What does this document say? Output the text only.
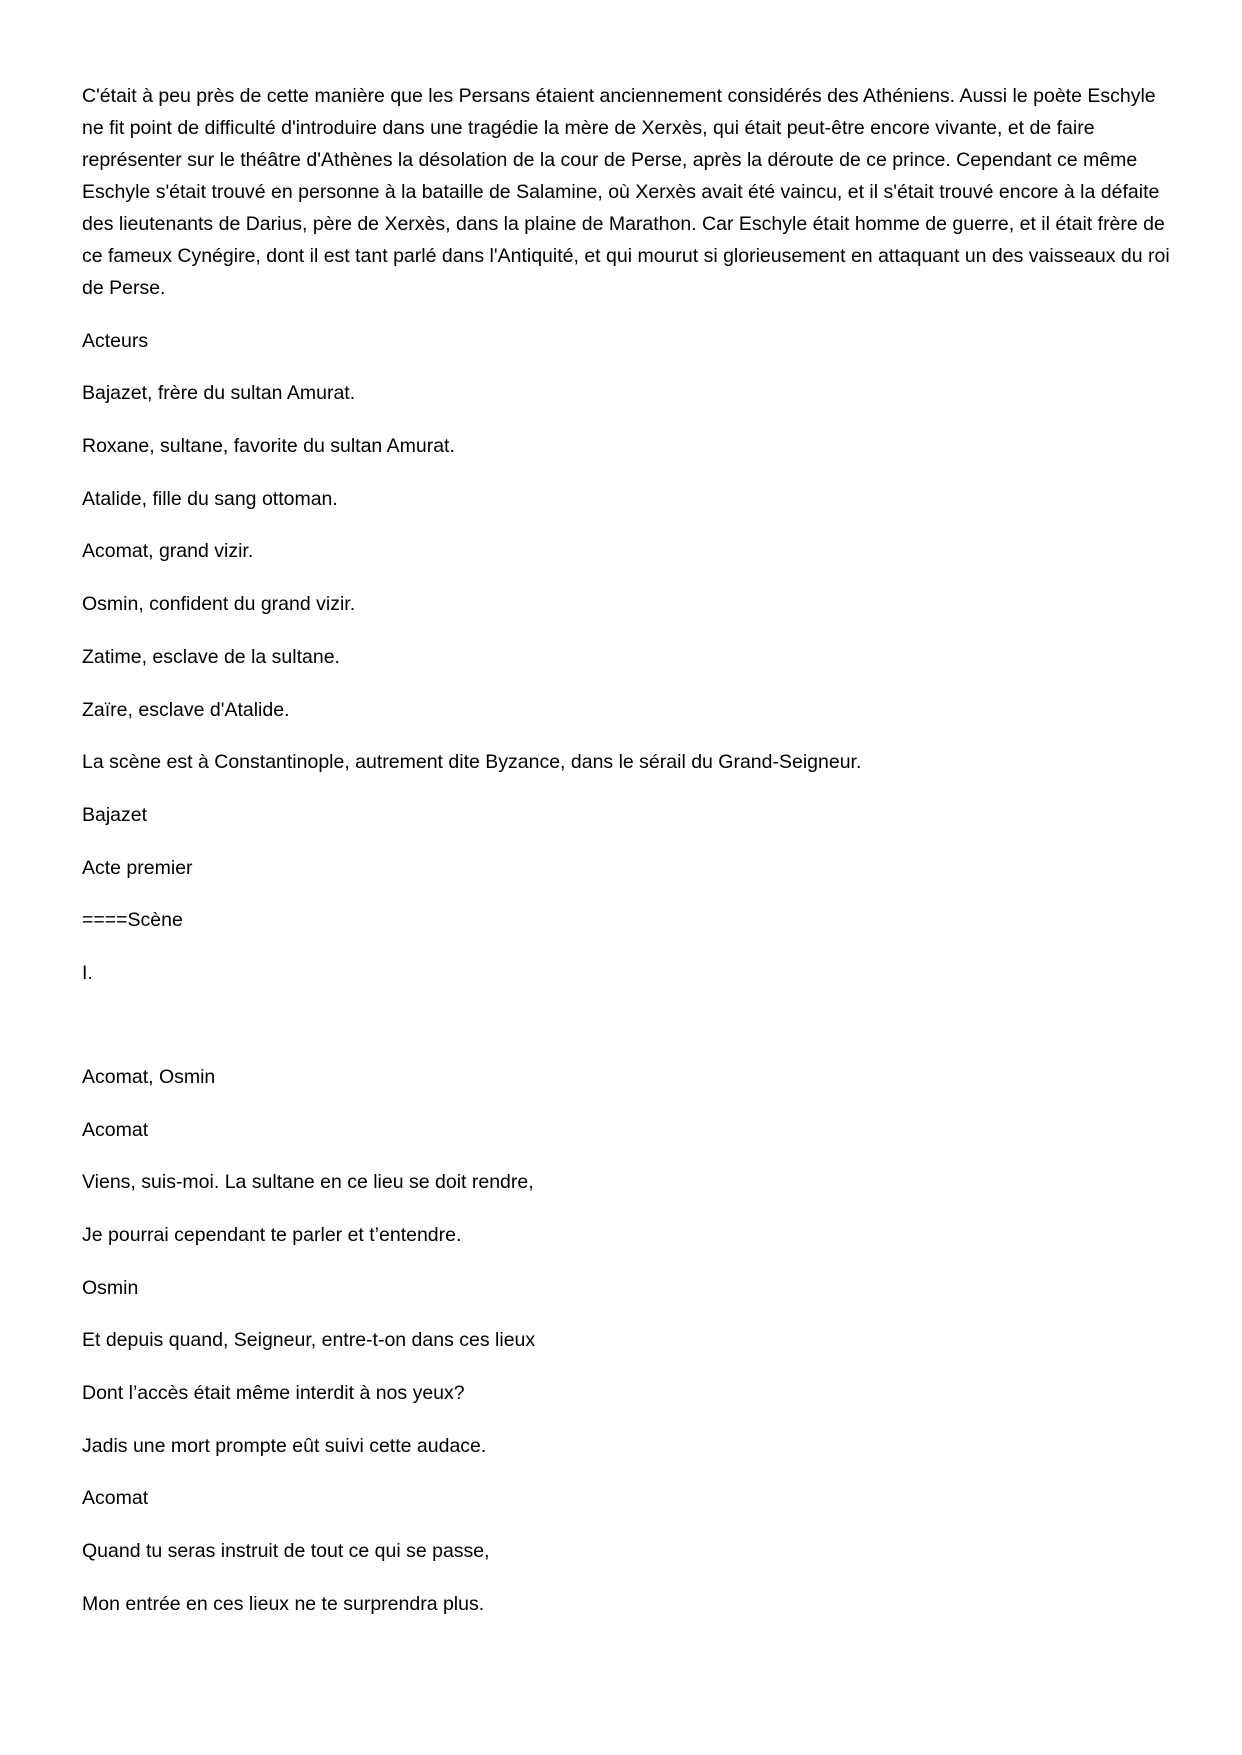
C'était à peu près de cette manière que les Persans étaient anciennement considérés des Athéniens. Aussi le poète Eschyle ne fit point de difficulté d'introduire dans une tragédie la mère de Xerxès, qui était peut-être encore vivante, et de faire représenter sur le théâtre d'Athènes la désolation de la cour de Perse, après la déroute de ce prince. Cependant ce même Eschyle s'était trouvé en personne à la bataille de Salamine, où Xerxès avait été vaincu, et il s'était trouvé encore à la défaite des lieutenants de Darius, père de Xerxès, dans la plaine de Marathon. Car Eschyle était homme de guerre, et il était frère de ce fameux Cynégire, dont il est tant parlé dans l'Antiquité, et qui mourut si glorieusement en attaquant un des vaisseaux du roi de Perse.

Acteurs

Bajazet, frère du sultan Amurat.

Roxane, sultane, favorite du sultan Amurat.

Atalide, fille du sang ottoman.

Acomat, grand vizir.

Osmin, confident du grand vizir.

Zatime, esclave de la sultane.

Zaïre, esclave d'Atalide.

La scène est à Constantinople, autrement dite Byzance, dans le sérail du Grand-Seigneur.

Bajazet

Acte premier

====Scène

I.

Acomat, Osmin

Acomat

Viens, suis-moi. La sultane en ce lieu se doit rendre,

Je pourrai cependant te parler et t’entendre.

Osmin

Et depuis quand, Seigneur, entre-t-on dans ces lieux

Dont l’accès était même interdit à nos yeux?

Jadis une mort prompte eût suivi cette audace.

Acomat

Quand tu seras instruit de tout ce qui se passe,

Mon entrée en ces lieux ne te surprendra plus.
